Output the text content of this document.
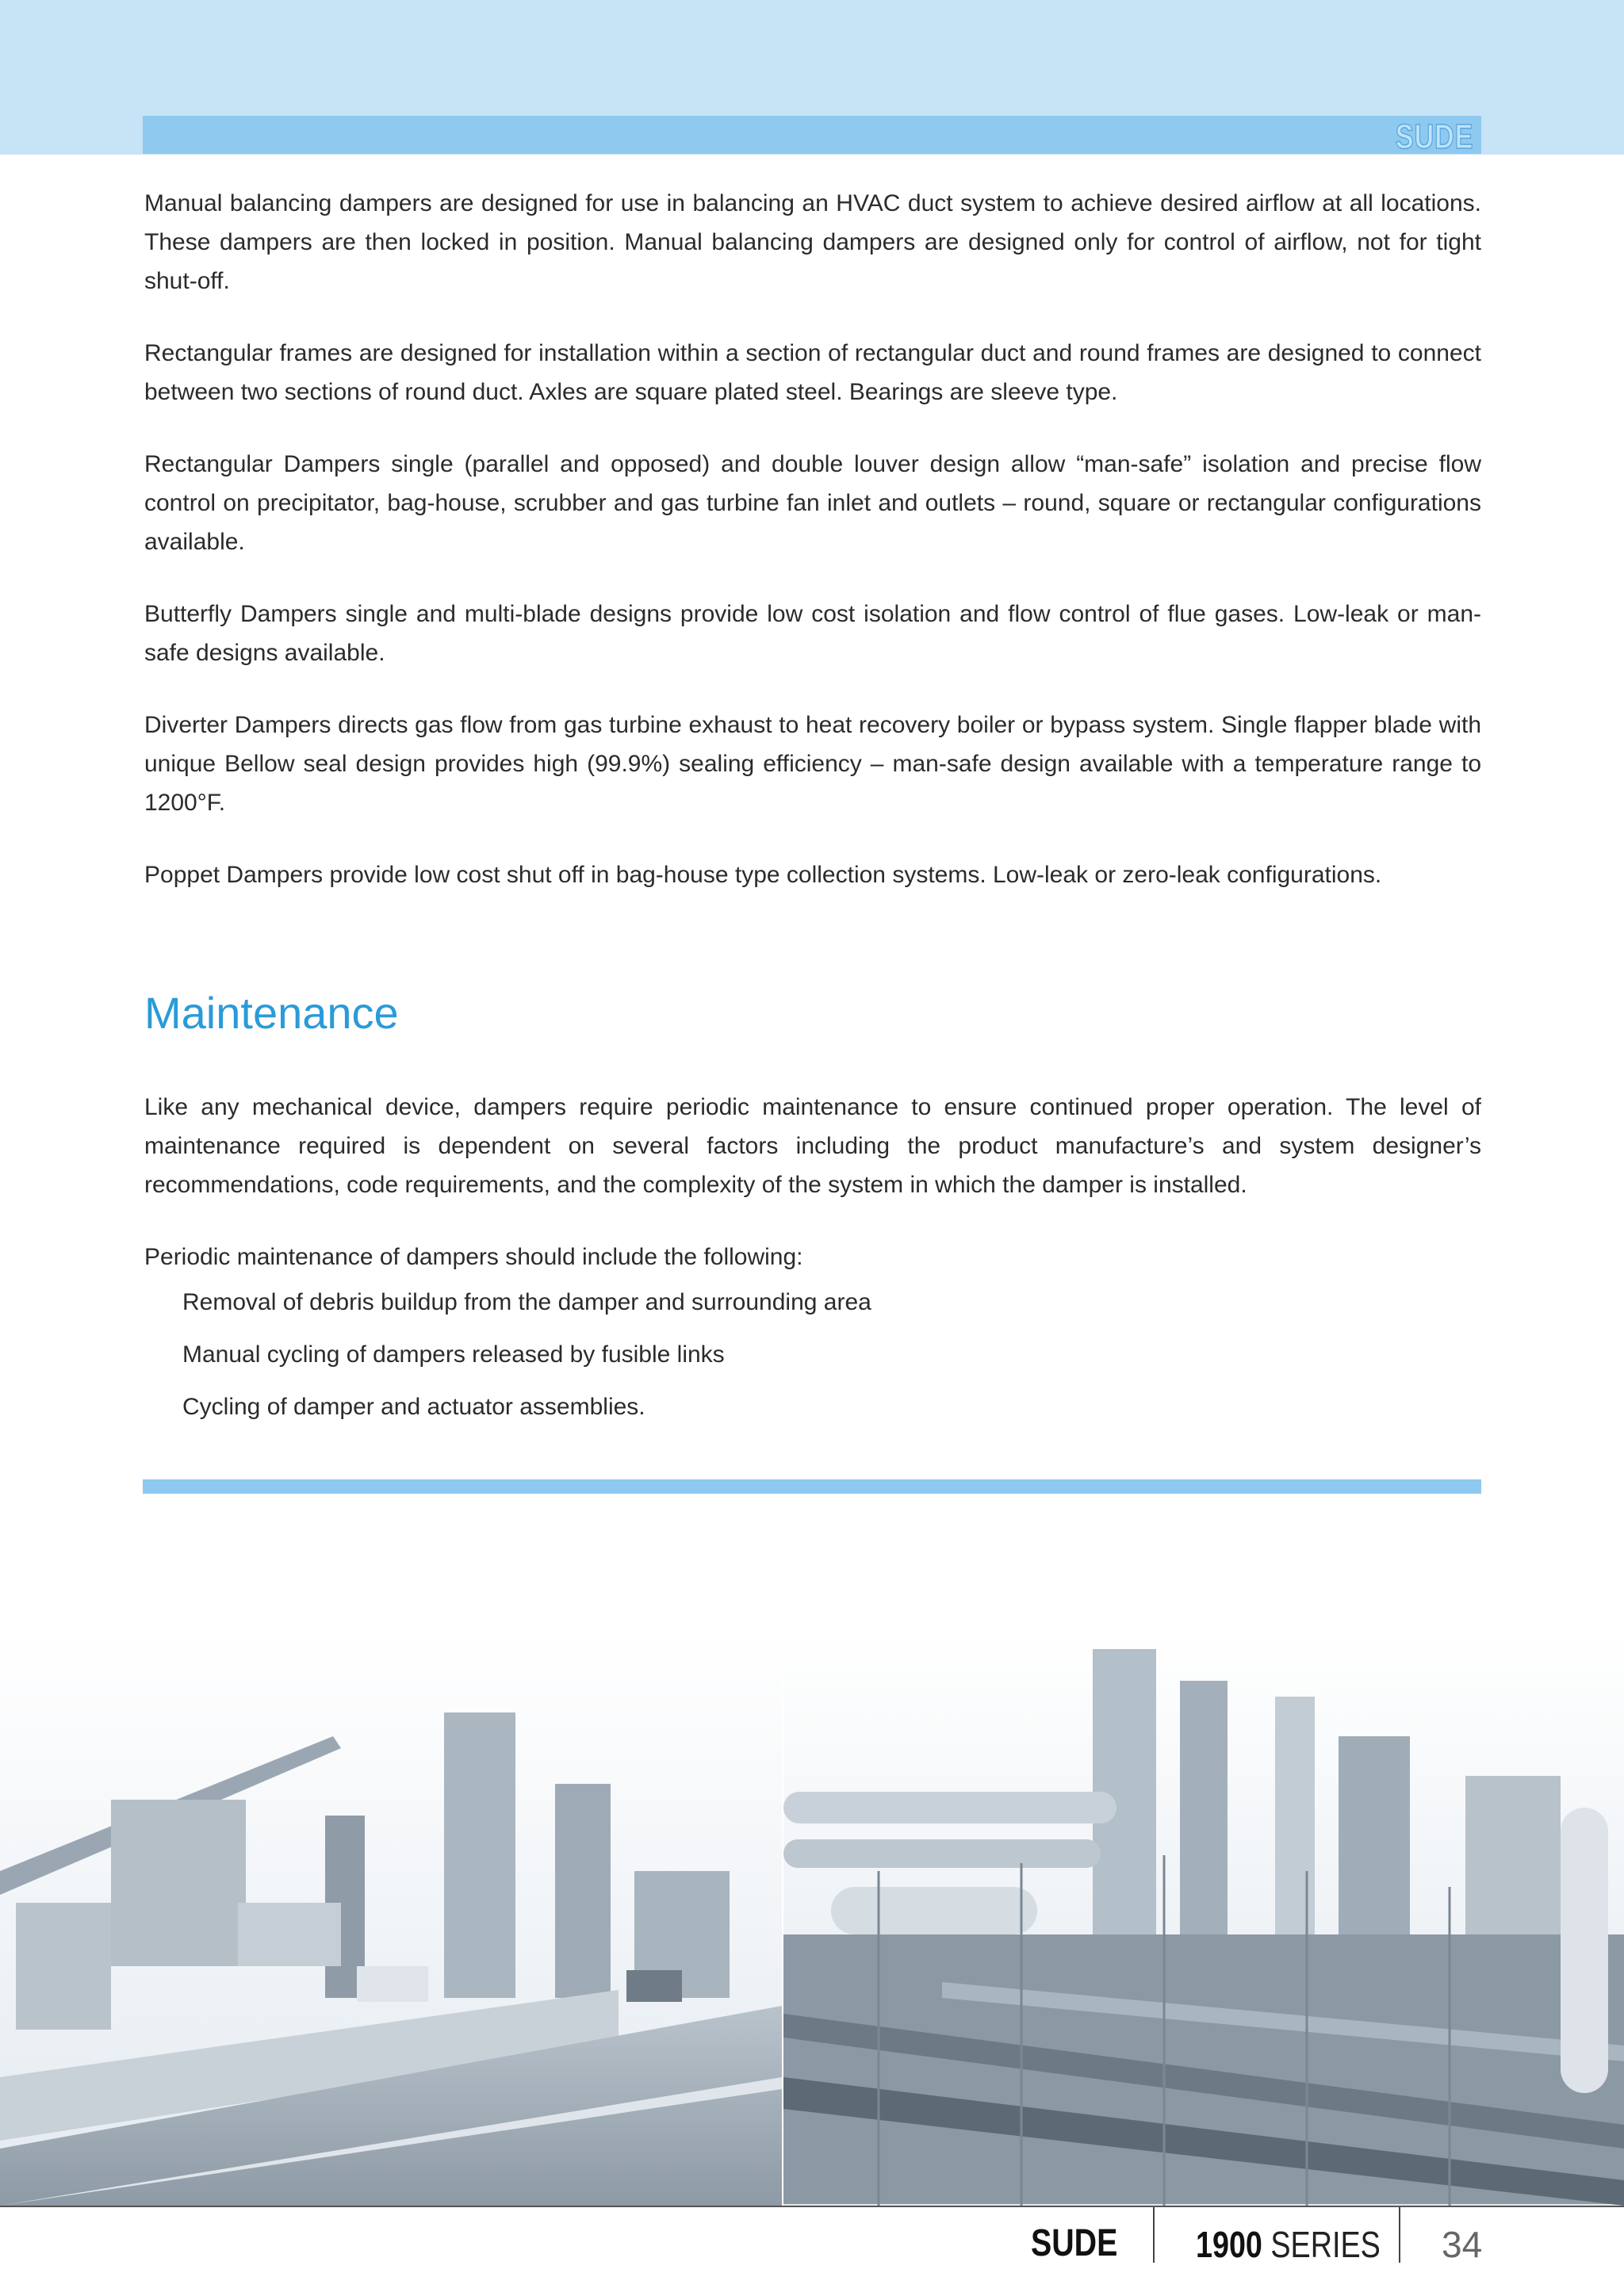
SUDE

Manual balancing dampers are designed for use in balancing an HVAC duct system to achieve desired airflow at all locations. These dampers are then locked in position. Manual balancing dampers are designed only for control of airflow, not for tight shut-off.

Rectangular frames are designed for installation within a section of rectangular duct and round frames are designed to connect between two sections of round duct. Axles are square plated steel. Bearings are sleeve type.

Rectangular Dampers single (parallel and opposed) and double louver design allow “man-safe” isolation and precise flow control on precipitator, bag-house, scrubber and gas turbine fan inlet and outlets – round, square or rectangular configurations available.

Butterfly Dampers single and multi-blade designs provide low cost isolation and flow control of flue gases. Low-leak or man-safe designs available.

Diverter Dampers directs gas flow from gas turbine exhaust to heat recovery boiler or bypass system. Single flapper blade with unique Bellow seal design provides high (99.9%) sealing efficiency – man-safe design available with a temperature range to 1200°F.

Poppet Dampers provide low cost shut off in bag-house type collection systems. Low-leak or zero-leak configurations.

Maintenance

Like any mechanical device, dampers require periodic maintenance to ensure continued proper operation. The level of maintenance required is dependent on several factors including the product manufacture’s and system designer’s recommendations, code requirements, and the complexity of the system in which the damper is installed.

Periodic maintenance of dampers should include the following:

Removal of debris buildup from the damper and surrounding area
Manual cycling of dampers released by fusible links
Cycling of damper and actuator assemblies.
SUDE 1900 SERIES 34
